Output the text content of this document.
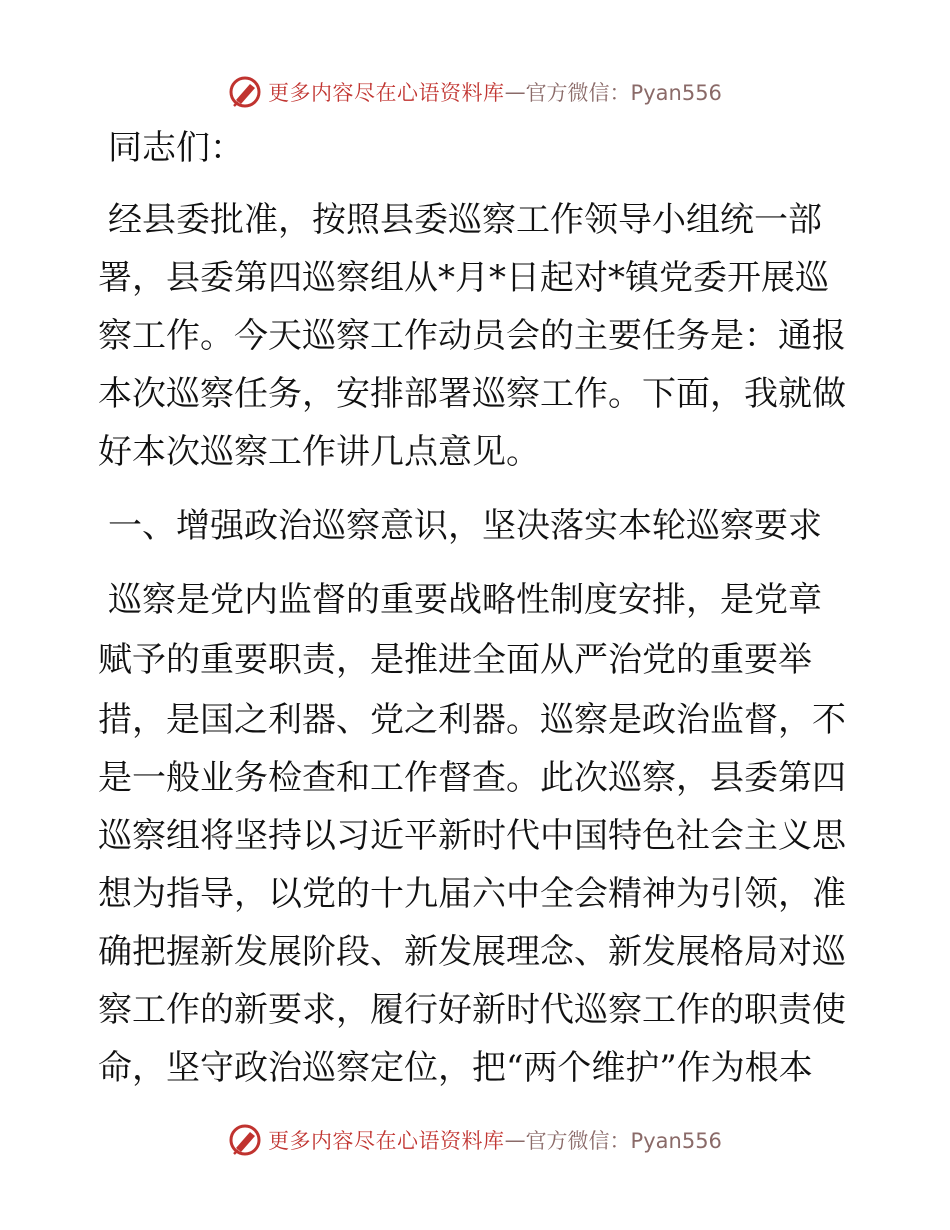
更多内容尽在心语资料库 — 官方微信：Pyan556
同志们：
经县委批准，按照县委巡察工作领导小组统一部
署，县委第四巡察组从*月*日起对*镇党委开展巡
察工作。今天巡察工作动员会的主要任务是：通报
本次巡察任务，安排部署巡察工作。下面，我就做
好本次巡察工作讲几点意见。
一、增强政治巡察意识，坚决落实本轮巡察要求
巡察是党内监督的重要战略性制度安排，是党章
赋予的重要职责，是推进全面从严治党的重要举
措，是国之利器、党之利器。巡察是政治监督，不
是一般业务检查和工作督查。此次巡察，县委第四
巡察组将坚持以习近平新时代中国特色社会主义思
想为指导，以党的十九届六中全会精神为引领，准
确把握新发展阶段、新发展理念、新发展格局对巡
察工作的新要求，履行好新时代巡察工作的职责使
命，坚守政治巡察定位，把“两个维护”作为根本
更多内容尽在心语资料库 — 官方微信：Pyan556
